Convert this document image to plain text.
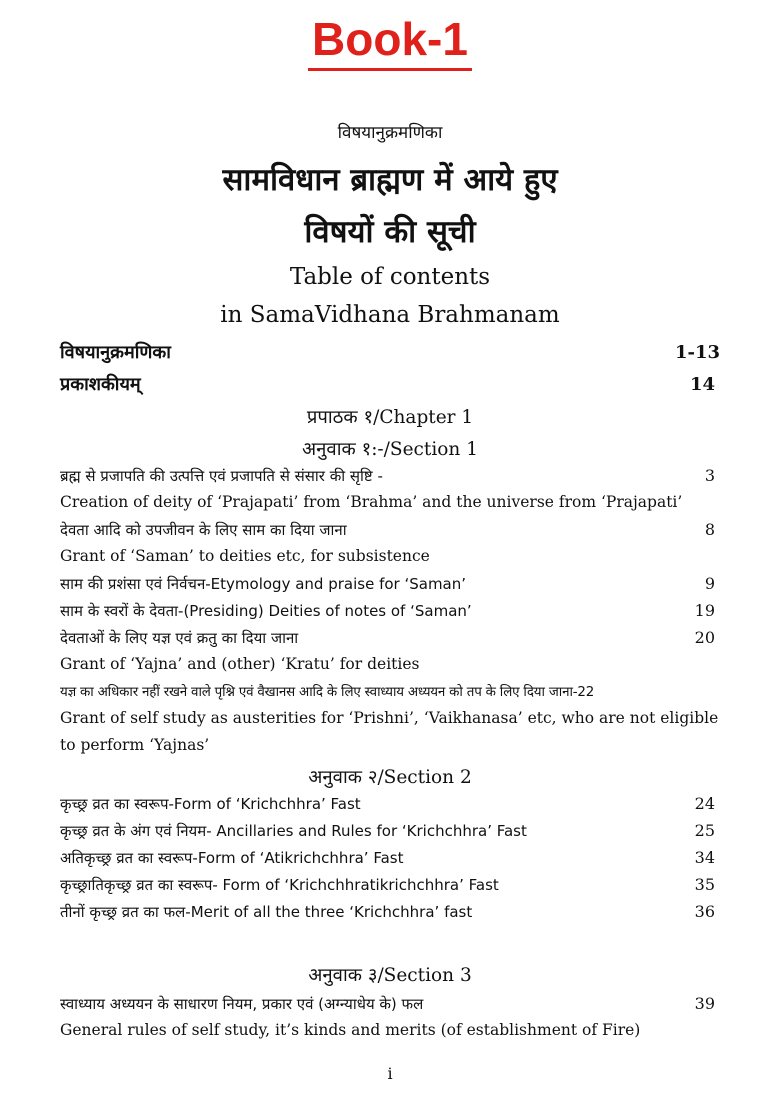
Book-1
विषयानुक्रमणिका
सामविधान ब्राह्मण में आये हुए
विषयों की सूची
Table of contents
in SamaVidhana Brahmanam
विषयानुक्रमणिका	1-13
प्रकाशकीयम्	14
प्रपाठक १/Chapter 1
अनुवाक १:-/Section 1
ब्रह्म से प्रजापति की उत्पत्ति एवं प्रजापति से संसार की सृष्टि -	3
Creation of deity of ‘Prajapati’ from ‘Brahma’ and the universe from ‘Prajapati’
देवता आदि को उपजीवन के लिए साम का दिया जाना	8
Grant of ‘Saman’ to deities etc, for subsistence
साम की प्रशंसा एवं निर्वचन-Etymology and praise for ‘Saman’	9
साम के स्वरों के देवता-(Presiding) Deities of notes of ‘Saman’	19
देवताओं के लिए यज्ञ एवं क्रतु का दिया जाना	20
Grant of ‘Yajna’ and (other) ‘Kratu’ for deities
यज्ञ का अधिकार नहीं रखने वाले पृश्नि एवं वैखानस आदि के लिए स्वाध्याय अध्ययन को तप के लिए दिया जाना-22
Grant of self study as austerities for ‘Prishni’, ‘Vaikhanasa’ etc, who are not eligible
to perform ‘Yajnas’
अनुवाक २/Section 2
कृच्छ्र व्रत का स्वरूप-Form of ‘Krichchhra’ Fast	24
कृच्छ्र व्रत के अंग एवं नियम- Ancillaries and Rules for ‘Krichchhra’ Fast	25
अतिकृच्छ्र व्रत का स्वरूप-Form of ‘Atikrichchhra’ Fast	34
कृच्छ्रातिकृच्छ्र व्रत का स्वरूप- Form of ‘Krichchhratikrichchhra’ Fast	35
तीनों कृच्छ्र व्रत का फल-Merit of all the three ‘Krichchhra’ fast	36
अनुवाक ३/Section 3
स्वाध्याय अध्ययन के साधारण नियम, प्रकार एवं (अग्न्याधेय के) फल	39
General rules of self study, it’s kinds and merits (of establishment of Fire)
i
